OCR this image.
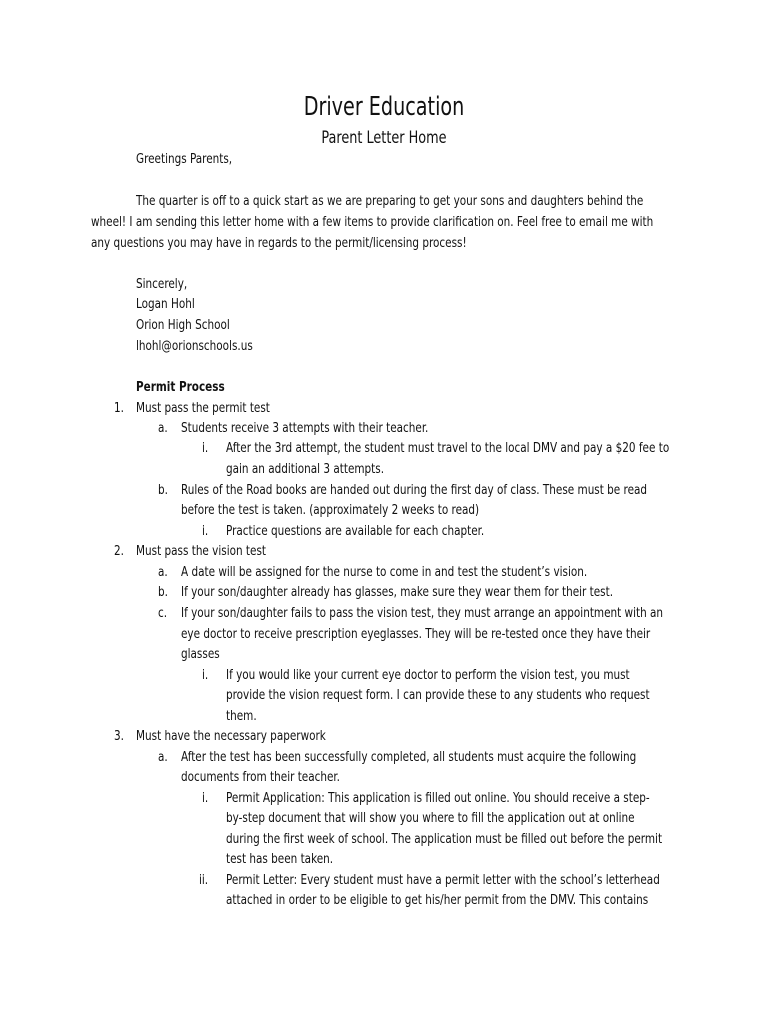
Driver Education
Parent Letter Home
Greetings Parents,
The quarter is off to a quick start as we are preparing to get your sons and daughters behind the
wheel! I am sending this letter home with a few items to provide clarification on. Feel free to email me with
any questions you may have in regards to the permit/licensing process!
Sincerely,
Logan Hohl
Orion High School
lhohl@orionschools.us
Permit Process
1. Must pass the permit test
a. Students receive 3 attempts with their teacher.
i. After the 3rd attempt, the student must travel to the local DMV and pay a $20 fee to
gain an additional 3 attempts.
b. Rules of the Road books are handed out during the first day of class. These must be read
before the test is taken. (approximately 2 weeks to read)
i. Practice questions are available for each chapter.
2. Must pass the vision test
a. A date will be assigned for the nurse to come in and test the student’s vision.
b. If your son/daughter already has glasses, make sure they wear them for their test.
c. If your son/daughter fails to pass the vision test, they must arrange an appointment with an
eye doctor to receive prescription eyeglasses. They will be re-tested once they have their
glasses
i. If you would like your current eye doctor to perform the vision test, you must
provide the vision request form. I can provide these to any students who request
them.
3. Must have the necessary paperwork
a. After the test has been successfully completed, all students must acquire the following
documents from their teacher.
i. Permit Application: This application is filled out online. You should receive a step-
by-step document that will show you where to fill the application out at online
during the first week of school. The application must be filled out before the permit
test has been taken.
ii. Permit Letter: Every student must have a permit letter with the school’s letterhead
attached in order to be eligible to get his/her permit from the DMV. This contains
